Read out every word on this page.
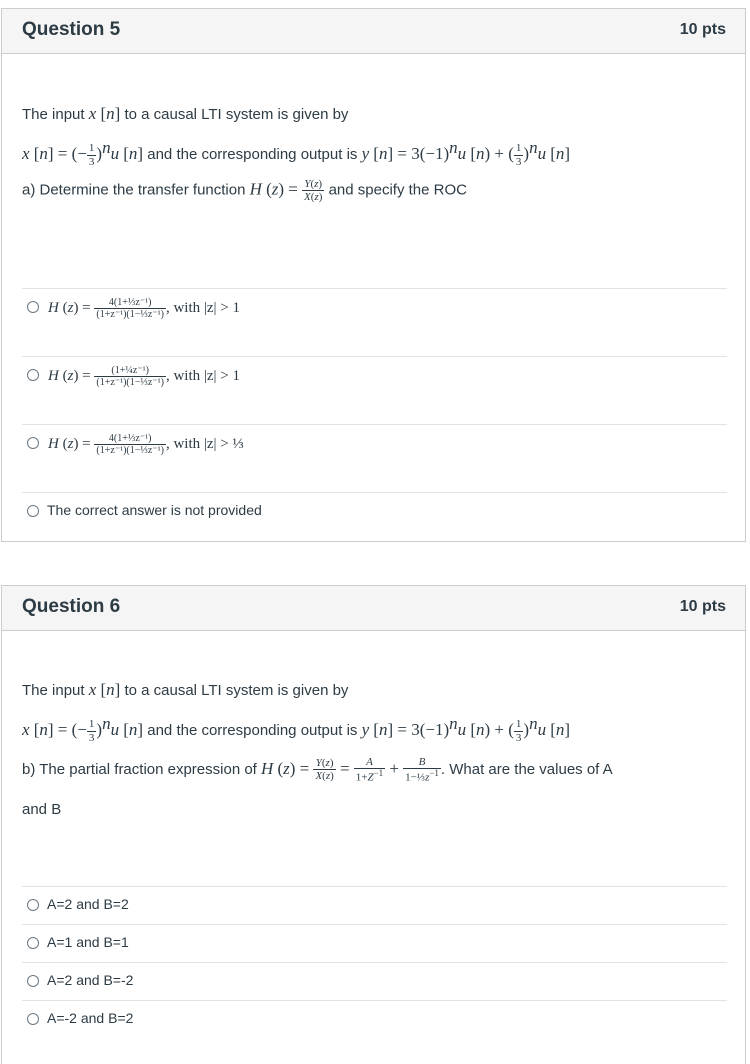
Question 5	10 pts
The input x [n] to a causal LTI system is given by
x [n] = (− $\frac{1}{3} )^nu$ [n] and the corresponding output is y $[n] = 3(-1)^nu$ [n) + ( $\frac{1}{3} )^nu$ [n]
a) Determine the transfer function H $(z) = \frac{Y(z)}{X(z)}$ and specify the ROC
H $(z) = \frac{\text{4(1+⅓z⁻¹)}}{\text{(1+z⁻¹)(1−⅓z⁻¹)}}$ , with |z| > 1
H $(z) = \frac{\text{(1+¼z⁻¹)}}{\text{(1+z⁻¹)(1−⅓z⁻¹)}}$ , with |z| > 1
H $(z) = \frac{\text{4(1+⅓z⁻¹)}}{\text{(1+z⁻¹)(1−⅓z⁻¹)}}$ , with |z| > ⅓
The correct answer is not provided
Question 6	10 pts
The input x [n] to a causal LTI system is given by
x [n] = (− $\frac{1}{3} )^nu$ [n] and the corresponding output is y $[n] = 3(-1)^nu$ [n) + ( $\frac{1}{3} )^nu$ [n]
b) The partial fraction expression of H $(z) = \frac{Y(z)}{X(z)} = \frac{A}{1+Z^{-1}} + \frac{B}{1-\frac{1}{3}z^{-1}}$ . What are the values of A
and B
A=2 and B=2
A=1 and B=1
A=2 and B=-2
A=-2 and B=2
